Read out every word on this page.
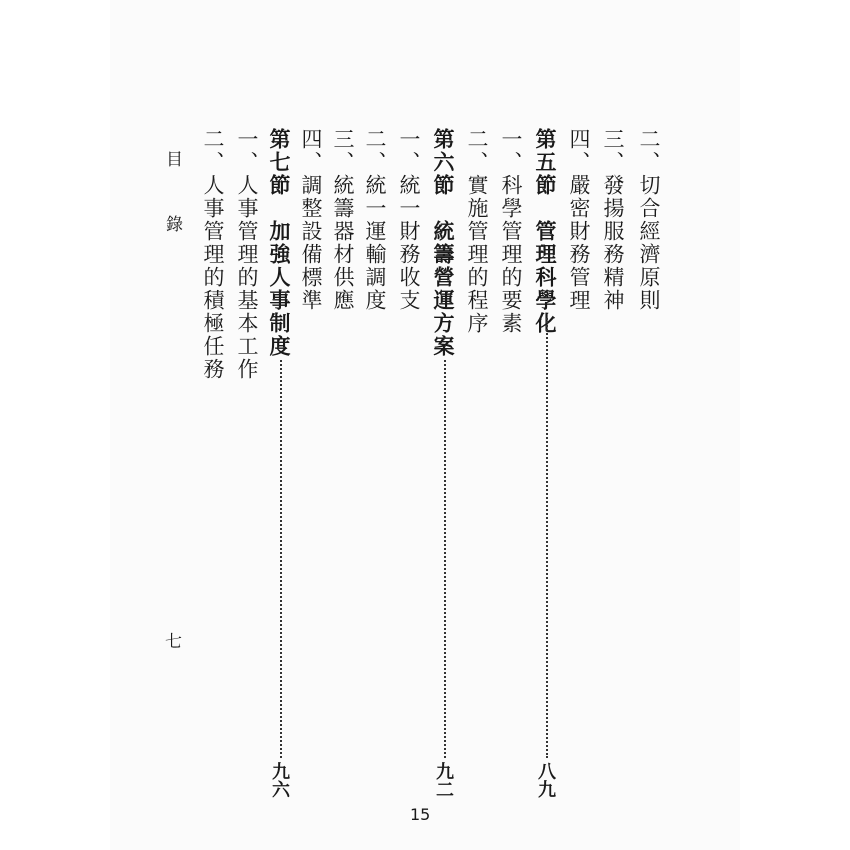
二、切合經濟原則
三、發揚服務精神
四、嚴密財務管理
第五節　管理科學化
八九
一、科學管理的要素
二、實施管理的程序
第六節　統籌營運方案
九二
一、統一財務收支
二、統一運輸調度
三、統籌器材供應
四、調整設備標準
第七節　加強人事制度
九六
一、人事管理的基本工作
二、人事管理的積極任務
目錄
七
15
